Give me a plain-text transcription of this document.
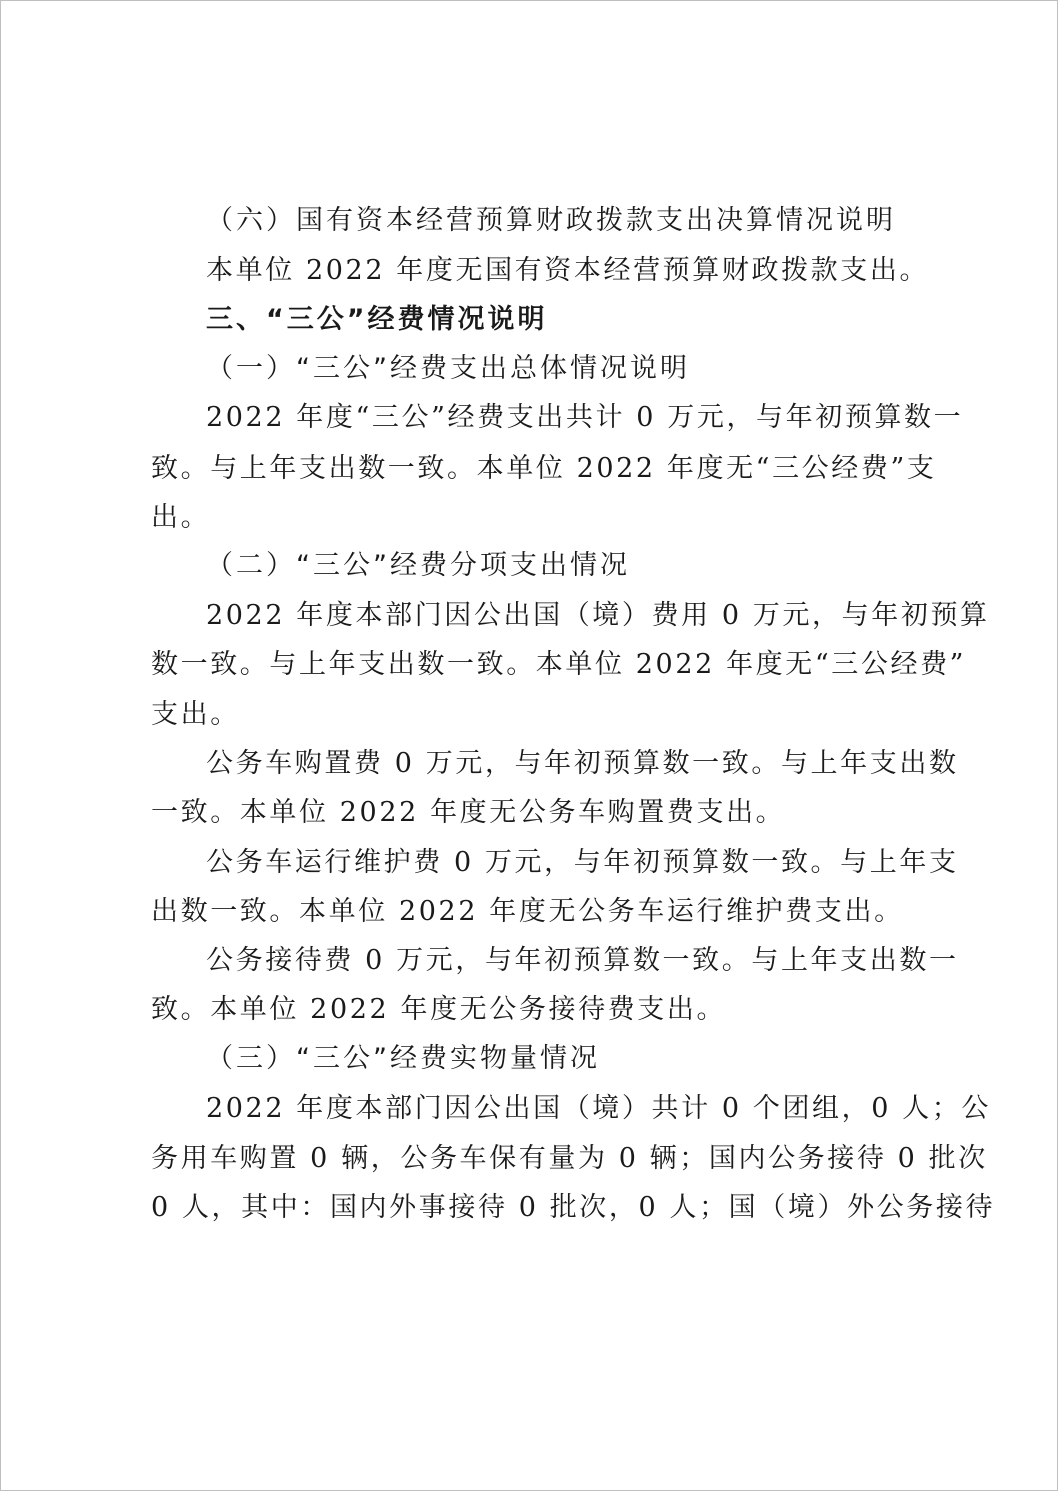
（六）国有资本经营预算财政拨款支出决算情况说明
本单位 2022 年度无国有资本经营预算财政拨款支出。
三、“三公”经费情况说明
（一）“三公”经费支出总体情况说明
2022 年度“三公”经费支出共计 0 万元，与年初预算数一
致。与上年支出数一致。本单位 2022 年度无“三公经费”支
出。
（二）“三公”经费分项支出情况
2022 年度本部门因公出国（境）费用 0 万元，与年初预算
数一致。与上年支出数一致。本单位 2022 年度无“三公经费”
支出。
公务车购置费 0 万元，与年初预算数一致。与上年支出数
一致。本单位 2022 年度无公务车购置费支出。
公务车运行维护费 0 万元，与年初预算数一致。与上年支
出数一致。本单位 2022 年度无公务车运行维护费支出。
公务接待费 0 万元，与年初预算数一致。与上年支出数一
致。本单位 2022 年度无公务接待费支出。
（三）“三公”经费实物量情况
2022 年度本部门因公出国（境）共计 0 个团组，0 人；公
务用车购置 0 辆，公务车保有量为 0 辆；国内公务接待 0 批次
0 人，其中：国内外事接待 0 批次，0 人；国（境）外公务接待
